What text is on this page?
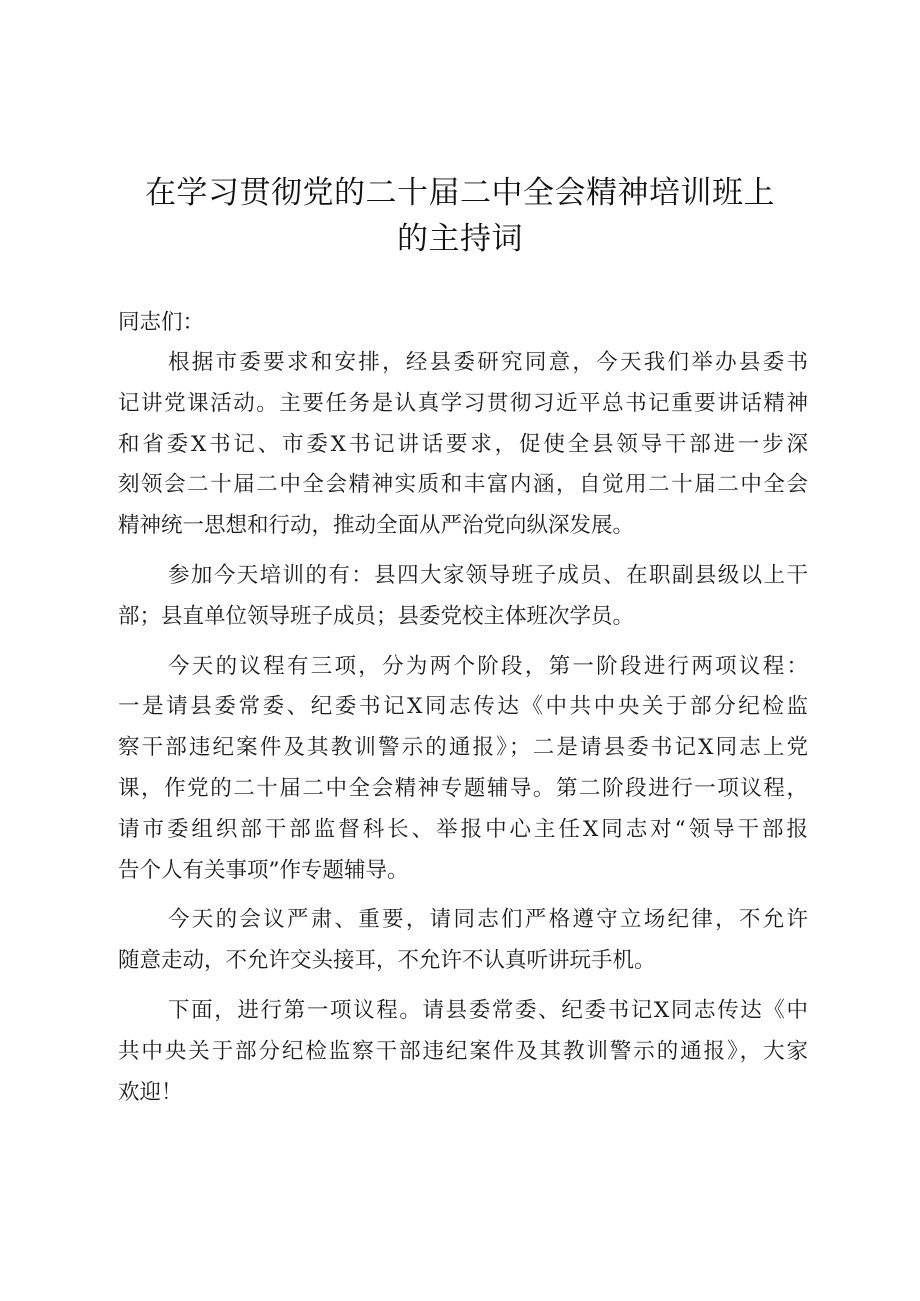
在学习贯彻党的二十届二中全会精神培训班上
的主持词
同志们：
根据市委要求和安排，经县委研究同意，今天我们举办县委书
记讲党课活动。主要任务是认真学习贯彻习近平总书记重要讲话精神
和省委X书记、市委X书记讲话要求，促使全县领导干部进一步深
刻领会二十届二中全会精神实质和丰富内涵，自觉用二十届二中全会
精神统一思想和行动，推动全面从严治党向纵深发展。
参加今天培训的有：县四大家领导班子成员、在职副县级以上干
部；县直单位领导班子成员；县委党校主体班次学员。
今天的议程有三项，分为两个阶段，第一阶段进行两项议程：
一是请县委常委、纪委书记X同志传达《中共中央关于部分纪检监
察干部违纪案件及其教训警示的通报》；二是请县委书记X同志上党
课，作党的二十届二中全会精神专题辅导。第二阶段进行一项议程，
请市委组织部干部监督科长、举报中心主任X同志对“领导干部报
告个人有关事项”作专题辅导。
今天的会议严肃、重要，请同志们严格遵守立场纪律，不允许
随意走动，不允许交头接耳，不允许不认真听讲玩手机。
下面，进行第一项议程。请县委常委、纪委书记X同志传达《中
共中央关于部分纪检监察干部违纪案件及其教训警示的通报》，大家
欢迎！
